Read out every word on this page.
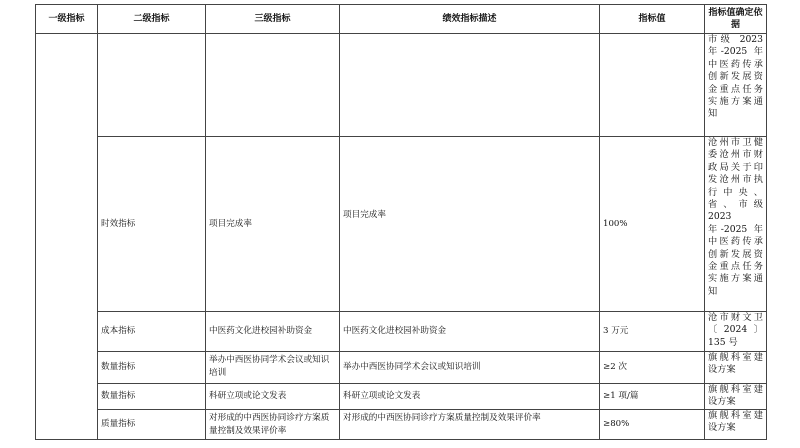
一级指标	二级指标	三级指标	绩效指标描述	指标值	指标值确定依据
					市级 2023 年-2025 年中医药传承创新发展资金重点任务实施方案通知
	时效指标	项目完成率	项目完成率	100%	沧州市卫健委沧州市财政局关于印发沧州市执行中央、省、市级 2023 年-2025 年中医药传承创新发展资金重点任务实施方案通知
	成本指标	中医药文化进校园补助资金	中医药文化进校园补助资金	3 万元	沧市财文卫〔2024〕135 号
	数量指标	举办中西医协同学术会议或知识培训	举办中西医协同学术会议或知识培训	≥2 次	旗舰科室建设方案
	数量指标	科研立项或论文发表	科研立项或论文发表	≥1 项/篇	旗舰科室建设方案
	质量指标	对形成的中西医协同诊疗方案质量控制及效果评价率	对形成的中西医协同诊疗方案质量控制及效果评价率	≥80%	旗舰科室建设方案
